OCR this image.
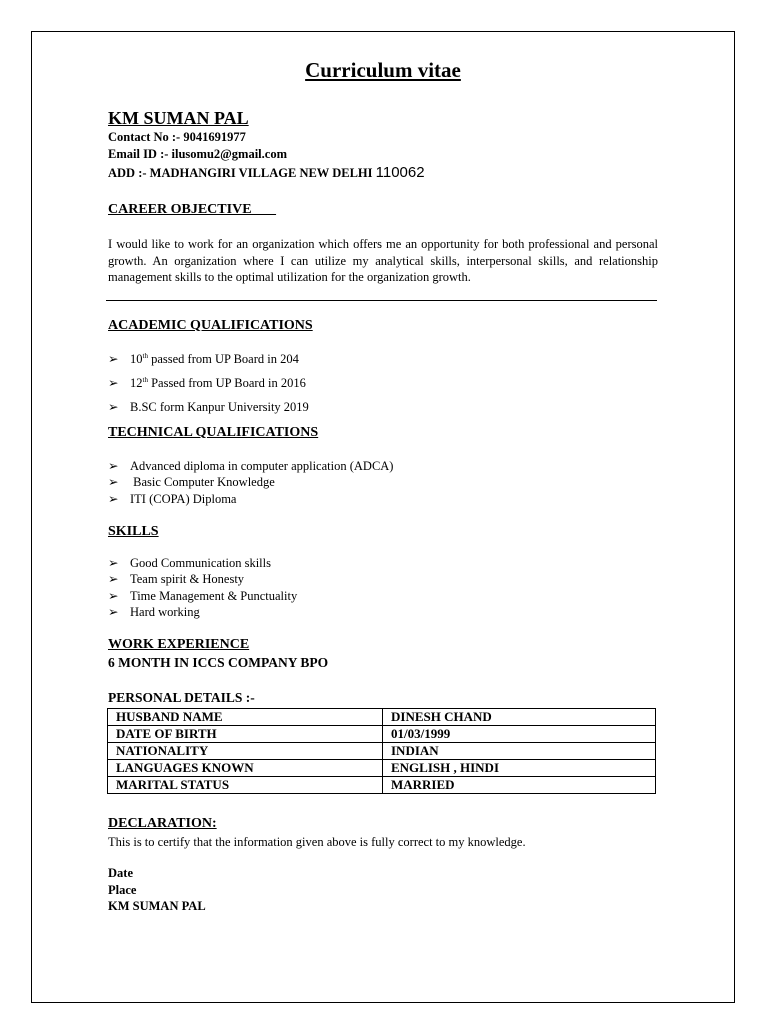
Curriculum vitae
KM SUMAN PAL
Contact No :- 9041691977
Email ID :- ilusomu2@gmail.com
ADD :- MADHANGIRI VILLAGE NEW DELHI 110062
CAREER OBJECTIVE
I would like to work for an organization which offers me an opportunity for both professional and personal growth. An organization where I can utilize my analytical skills, interpersonal skills, and relationship management skills to the optimal utilization for the organization growth.
ACADEMIC QUALIFICATIONS
➢ 10th passed from UP Board in 204
➢ 12th Passed from UP Board in 2016
➢ B.SC form Kanpur University 2019
TECHNICAL QUALIFICATIONS
➢ Advanced diploma in computer application (ADCA)
➢ Basic Computer Knowledge
➢ ITI (COPA) Diploma
SKILLS
➢ Good Communication skills
➢ Team spirit & Honesty
➢ Time Management & Punctuality
➢ Hard working
WORK EXPERIENCE
6 MONTH IN ICCS COMPANY BPO
PERSONAL DETAILS :-
HUSBAND NAME	DINESH CHAND
DATE OF BIRTH	01/03/1999
NATIONALITY	INDIAN
LANGUAGES KNOWN	ENGLISH , HINDI
MARITAL STATUS	MARRIED
DECLARATION:
This is to certify that the information given above is fully correct to my knowledge.
Date
Place
KM SUMAN PAL
